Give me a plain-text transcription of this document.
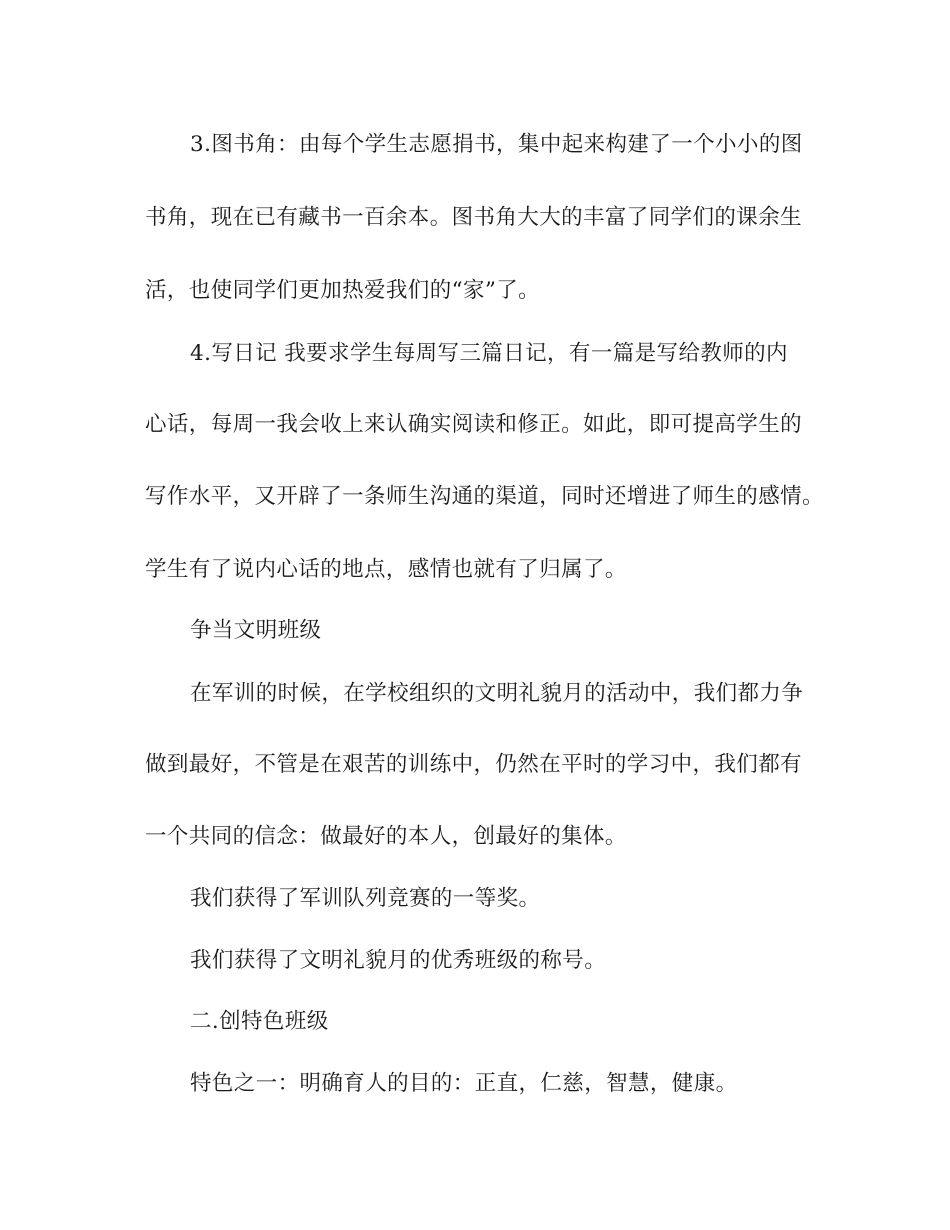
3.图书角：由每个学生志愿捐书，集中起来构建了一个小小的图
书角，现在已有藏书一百余本。图书角大大的丰富了同学们的课余生
活，也使同学们更加热爱我们的“家”了。
4.写日记 我要求学生每周写三篇日记，有一篇是写给教师的内
心话，每周一我会收上来认确实阅读和修正。如此，即可提高学生的
写作水平，又开辟了一条师生沟通的渠道，同时还增进了师生的感情。
学生有了说内心话的地点，感情也就有了归属了。
争当文明班级
在军训的时候，在学校组织的文明礼貌月的活动中，我们都力争
做到最好，不管是在艰苦的训练中，仍然在平时的学习中，我们都有
一个共同的信念：做最好的本人，创最好的集体。
我们获得了军训队列竞赛的一等奖。
我们获得了文明礼貌月的优秀班级的称号。
二.创特色班级
特色之一：明确育人的目的：正直，仁慈，智慧，健康。
